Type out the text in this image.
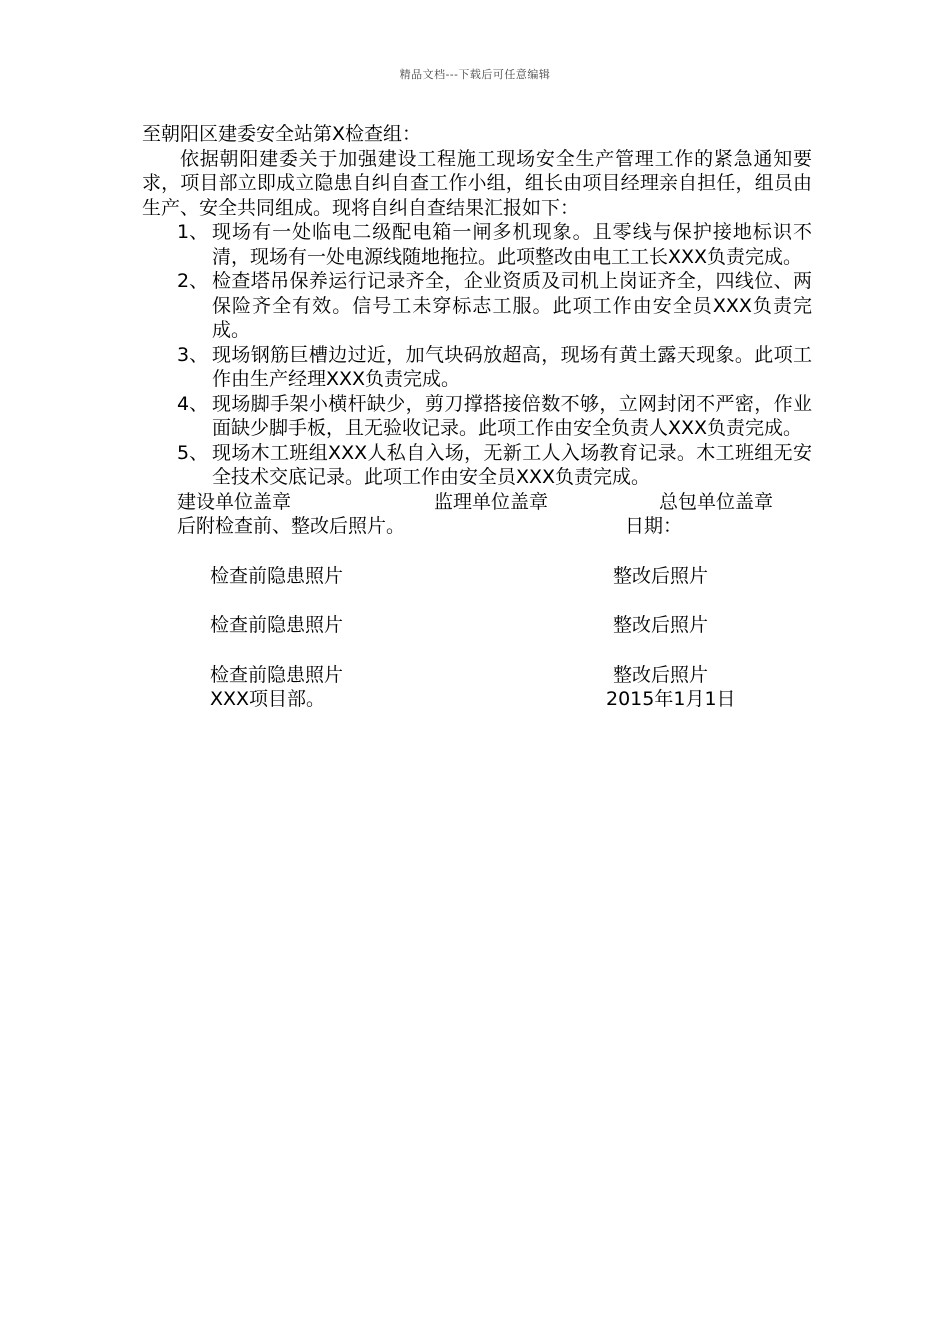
精品文档---下载后可任意编辑

至朝阳区建委安全站第X检查组：

依据朝阳建委关于加强建设工程施工现场安全生产管理工作的紧急通知要求，项目部立即成立隐患自纠自查工作小组，组长由项目经理亲自担任，组员由生产、安全共同组成。现将自纠自查结果汇报如下：

1、 现场有一处临电二级配电箱一闸多机现象。且零线与保护接地标识不清，现场有一处电源线随地拖拉。此项整改由电工工长XXX负责完成。
2、 检查塔吊保养运行记录齐全，企业资质及司机上岗证齐全，四线位、两保险齐全有效。信号工未穿标志工服。此项工作由安全员XXX负责完成。
3、 现场钢筋巨槽边过近，加气块码放超高，现场有黄土露天现象。此项工作由生产经理XXX负责完成。
4、 现场脚手架小横杆缺少，剪刀撑搭接倍数不够，立网封闭不严密，作业面缺少脚手板，且无验收记录。此项工作由安全负责人XXX负责完成。
5、 现场木工班组XXX人私自入场，无新工人入场教育记录。木工班组无安全技术交底记录。此项工作由安全员XXX负责完成。
建设单位盖章	监理单位盖章	总包单位盖章
后附检查前、整改后照片。	日期：
检查前隐患照片	整改后照片
检查前隐患照片	整改后照片
检查前隐患照片	整改后照片
XXX项目部。	2015年1月1日
